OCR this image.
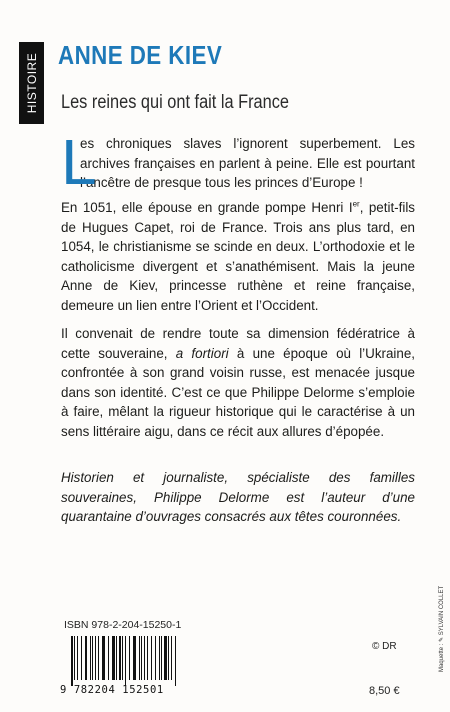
HISTOIRE ANNE DE KIEV
Les reines qui ont fait la France
L

es chroniques slaves l’ignorent superbement. Les archives françaises en parlent à peine. Elle est pourtant l’ancêtre de presque tous les princes d’Europe !

En 1051, elle épouse en grande pompe Henri Ier, petit-fils de Hugues Capet, roi de France. Trois ans plus tard, en 1054, le christianisme se scinde en deux. L’orthodoxie et le catholicisme divergent et s’anathémisent. Mais la jeune Anne de Kiev, princesse ruthène et reine française, demeure un lien entre l’Orient et l’Occident.

Il convenait de rendre toute sa dimension fédératrice à cette souveraine, a fortiori à une époque où l’Ukraine, confrontée à son grand voisin russe, est menacée jusque dans son identité. C’est ce que Philippe Delorme s’emploie à faire, mêlant la rigueur historique qui le caractérise à un sens littéraire aigu, dans ce récit aux allures d’épopée.

Historien et journaliste, spécialiste des familles souveraines, Philippe Delorme est l’auteur d’une quarantaine d’ouvrages consacrés aux têtes couronnées.

ISBN 978-2-204-15250-1
9 782204 152501
© DR
8,50 €
Maquette : ✎ SYLVAIN COLLET
